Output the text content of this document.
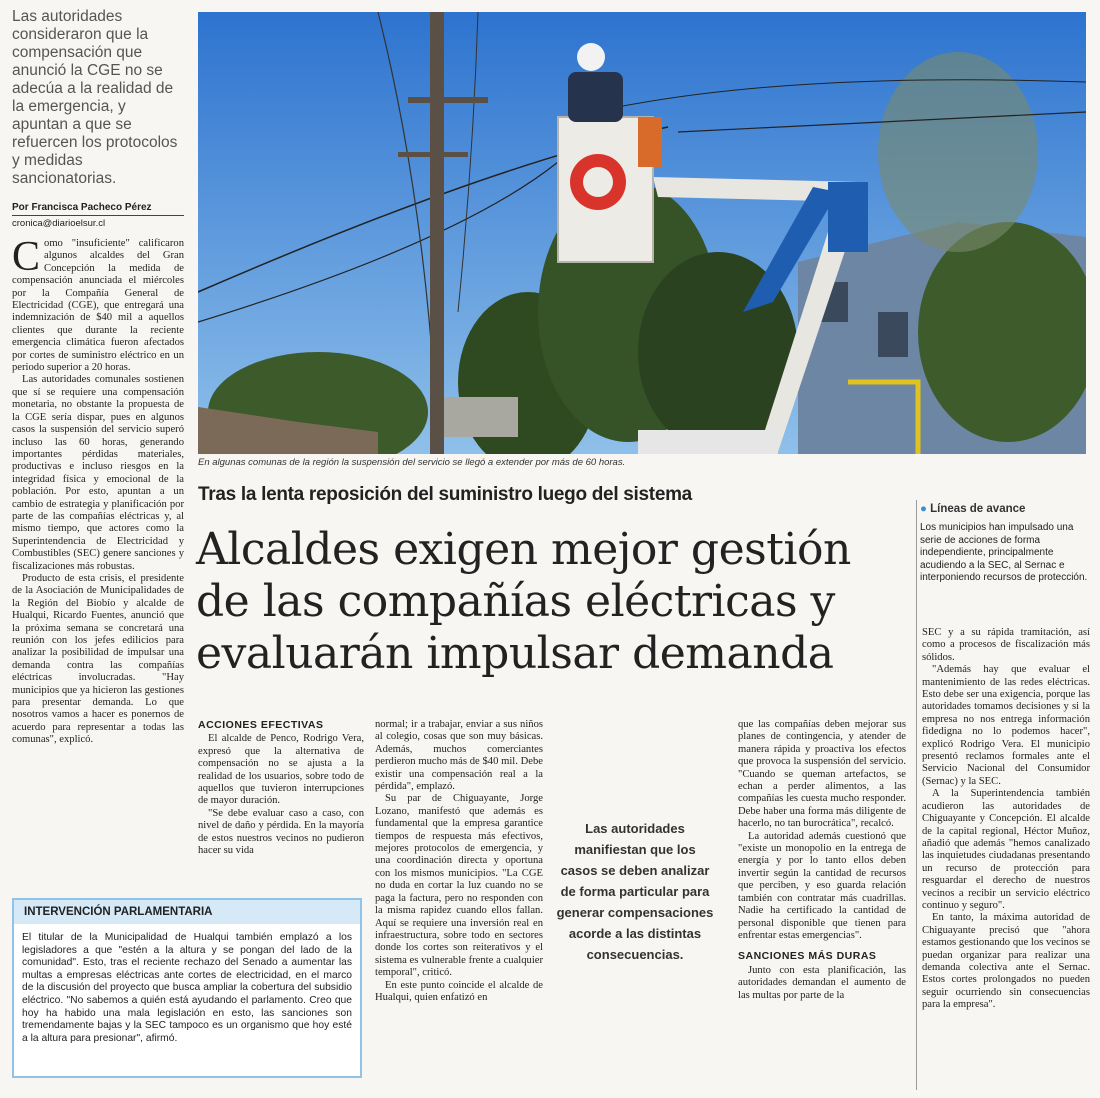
Las autoridades consideraron que la compensación que anunció la CGE no se adecúa a la realidad de la emergencia, y apuntan a que se refuercen los protocolos y medidas sancionatorias.
Por Francisca Pacheco Pérez
cronica@diarioelsur.cl

Como "insuficiente" calificaron algunos alcaldes del Gran Concepción la medida de compensación anunciada el miércoles por la Compañía General de Electricidad (CGE), que entregará una indemnización de $40 mil a aquellos clientes que durante la reciente emergencia climática fueron afectados por cortes de suministro eléctrico en un periodo superior a 20 horas.

Las autoridades comunales sostienen que sí se requiere una compensación monetaria, no obstante la propuesta de la CGE sería dispar, pues en algunos casos la suspensión del servicio superó incluso las 60 horas, generando importantes pérdidas materiales, productivas e incluso riesgos en la integridad física y emocional de la población. Por esto, apuntan a un cambio de estrategia y planificación por parte de las compañías eléctricas y, al mismo tiempo, que actores como la Superintendencia de Electricidad y Combustibles (SEC) genere sanciones y fiscalizaciones más robustas.

Producto de esta crisis, el presidente de la Asociación de Municipalidades de la Región del Biobío y alcalde de Hualqui, Ricardo Fuentes, anunció que la próxima semana se concretará una reunión con los jefes edilicios para analizar la posibilidad de impulsar una demanda contra las compañías eléctricas involucradas. "Hay municipios que ya hicieron las gestiones para presentar demanda. Lo que nosotros vamos a hacer es ponernos de acuerdo para representar a todas las comunas", explicó.

En algunas comunas de la región la suspensión del servicio se llegó a extender por más de 60 horas.
Tras la lenta reposición del suministro luego del sistema
Alcaldes exigen mejor gestión de las compañías eléctricas y evaluarán impulsar demanda
ACCIONES EFECTIVAS

El alcalde de Penco, Rodrigo Vera, expresó que la alternativa de compensación no se ajusta a la realidad de los usuarios, sobre todo de aquellos que tuvieron interrupciones de mayor duración.

"Se debe evaluar caso a caso, con nivel de daño y pérdida. En la mayoría de estos nuestros vecinos no pudieron hacer su vida

normal; ir a trabajar, enviar a sus niños al colegio, cosas que son muy básicas. Además, muchos comerciantes perdieron mucho más de $40 mil. Debe existir una compensación real a la pérdida", emplazó.

Su par de Chiguayante, Jorge Lozano, manifestó que además es fundamental que la empresa garantice tiempos de respuesta más efectivos, mejores protocolos de emergencia, y una coordinación directa y oportuna con los mismos municipios. "La CGE no duda en cortar la luz cuando no se paga la factura, pero no responden con la misma rapidez cuando ellos fallan. Aquí se requiere una inversión real en infraestructura, sobre todo en sectores donde los cortes son reiterativos y el sistema es vulnerable frente a cualquier temporal", criticó.

En este punto coincide el alcalde de Hualqui, quien enfatizó en

Las autoridades manifiestan que los casos se deben analizar de forma particular para generar compensaciones acorde a las distintas consecuencias.

que las compañías deben mejorar sus planes de contingencia, y atender de manera rápida y proactiva los efectos que provoca la suspensión del servicio. "Cuando se queman artefactos, se echan a perder alimentos, a las compañías les cuesta mucho responder. Debe haber una forma más diligente de hacerlo, no tan burocrática", recalcó.

La autoridad además cuestionó que "existe un monopolio en la entrega de energía y por lo tanto ellos deben invertir según la cantidad de recursos que perciben, y eso guarda relación también con contratar más cuadrillas. Nadie ha certificado la cantidad de personal disponible que tienen para enfrentar estas emergencias".

SANCIONES MÁS DURAS

Junto con esta planificación, las autoridades demandan el aumento de las multas por parte de la

● Líneas de avance
Los municipios han impulsado una serie de acciones de forma independiente, principalmente acudiendo a la SEC, al Sernac e interponiendo recursos de protección.

SEC y a su rápida tramitación, así como a procesos de fiscalización más sólidos.

"Además hay que evaluar el mantenimiento de las redes eléctricas. Esto debe ser una exigencia, porque las autoridades tomamos decisiones y si la empresa no nos entrega información fidedigna no lo podemos hacer", explicó Rodrigo Vera. El municipio presentó reclamos formales ante el Servicio Nacional del Consumidor (Sernac) y la SEC.

A la Superintendencia también acudieron las autoridades de Chiguayante y Concepción. El alcalde de la capital regional, Héctor Muñoz, añadió que además "hemos canalizado las inquietudes ciudadanas presentando un recurso de protección para resguardar el derecho de nuestros vecinos a recibir un servicio eléctrico continuo y seguro".

En tanto, la máxima autoridad de Chiguayante precisó que "ahora estamos gestionando que los vecinos se puedan organizar para realizar una demanda colectiva ante el Sernac. Estos cortes prolongados no pueden seguir ocurriendo sin consecuencias para la empresa".

INTERVENCIÓN PARLAMENTARIA
El titular de la Municipalidad de Hualqui también emplazó a los legisladores a que "estén a la altura y se pongan del lado de la comunidad". Esto, tras el reciente rechazo del Senado a aumentar las multas a empresas eléctricas ante cortes de electricidad, en el marco de la discusión del proyecto que busca ampliar la cobertura del subsidio eléctrico. "No sabemos a quién está ayudando el parlamento. Creo que hoy ha habido una mala legislación en esto, las sanciones son tremendamente bajas y la SEC tampoco es un organismo que hoy esté a la altura para presionar", afirmó.
